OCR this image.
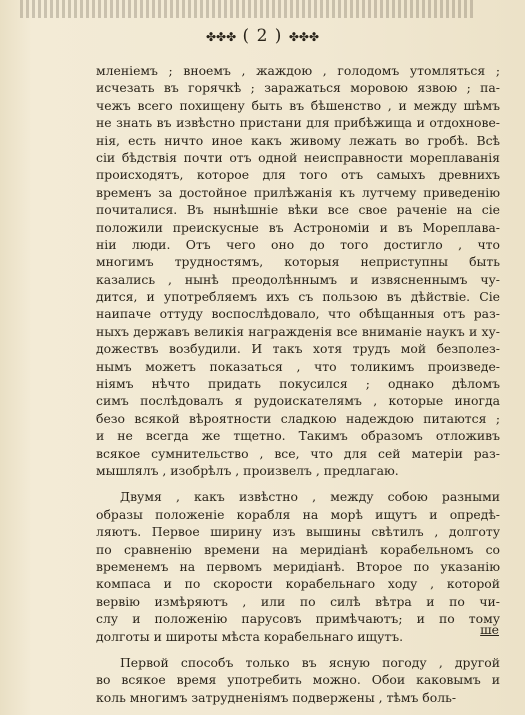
✤✤✤ ( 2 ) ✤✤✤
мленіемъ ; вноемъ , жаждою , голодомъ утомляться ;
исчезать въ горячкѣ ; заражаться моровою язвою ; па-
чежъ всего похищену быть въ бѣшенство , и между шѣмъ
не знать въ извѣстно пристани для прибѣжища и отдохнове-
нія, есть ничто иное какъ живому лежать во гробѣ. Всѣ
сіи бѣдствія почти отъ одной неисправности мореплаванія
происходятъ, которое для того отъ самыхъ древнихъ
временъ за достойное прилѣжанія къ лутчему приведенію
почиталися. Въ нынѣшніе вѣки все свое раченіе на сіе
положили преискусные въ Астрономіи и въ Мореплава-
ніи люди. Отъ чего оно до того достигло , что
многимъ трудностямъ, которыя неприступны быть
казались , нынѣ преодолѣннымъ и извясненнымъ чу-
дится, и употребляемъ ихъ съ пользою въ дѣйствіе. Сіе
наипаче оттуду воспослѣдовало, что обѣщанныя отъ раз-
ныхъ державъ великія награжденія все вниманіе наукъ и ху-
дожествъ возбудили. И такъ хотя трудъ мой безполез-
нымъ можетъ показаться , что толикимъ произведе-
ніямъ нѣчто придать покусился ; однако дѣломъ
симъ послѣдовалъ я рудоискателямъ , которые иногда
безо всякой вѣроятности сладкою надеждою питаются ;
и не всегда же тщетно. Такимъ образомъ отложивъ
всякое сумнительство , все, что для сей матеріи раз-
мышлялъ , изобрѣлъ , произвелъ , предлагаю.
Двумя , какъ извѣстно , между собою разными
образы положеніе корабля на морѣ ищутъ и опредѣ-
ляютъ. Первое ширину изъ вышины свѣтилъ , долготу
по сравненію времени на меридіанѣ корабельномъ со
временемъ на первомъ меридіанѣ. Второе по указанію
компаса и по скорости корабельнаго ходу , которой
вервію измѣряютъ , или по силѣ вѣтра и по чи-
слу и положенію парусовъ примѣчаютъ; и по тому
долготы и широты мѣста корабельнаго ищутъ.
Первой способъ только въ ясную погоду , другой
во всякое время употребить можно. Обои каковымъ и
коль многимъ затрудненіямъ подвержены , тѣмъ боль-
ше
